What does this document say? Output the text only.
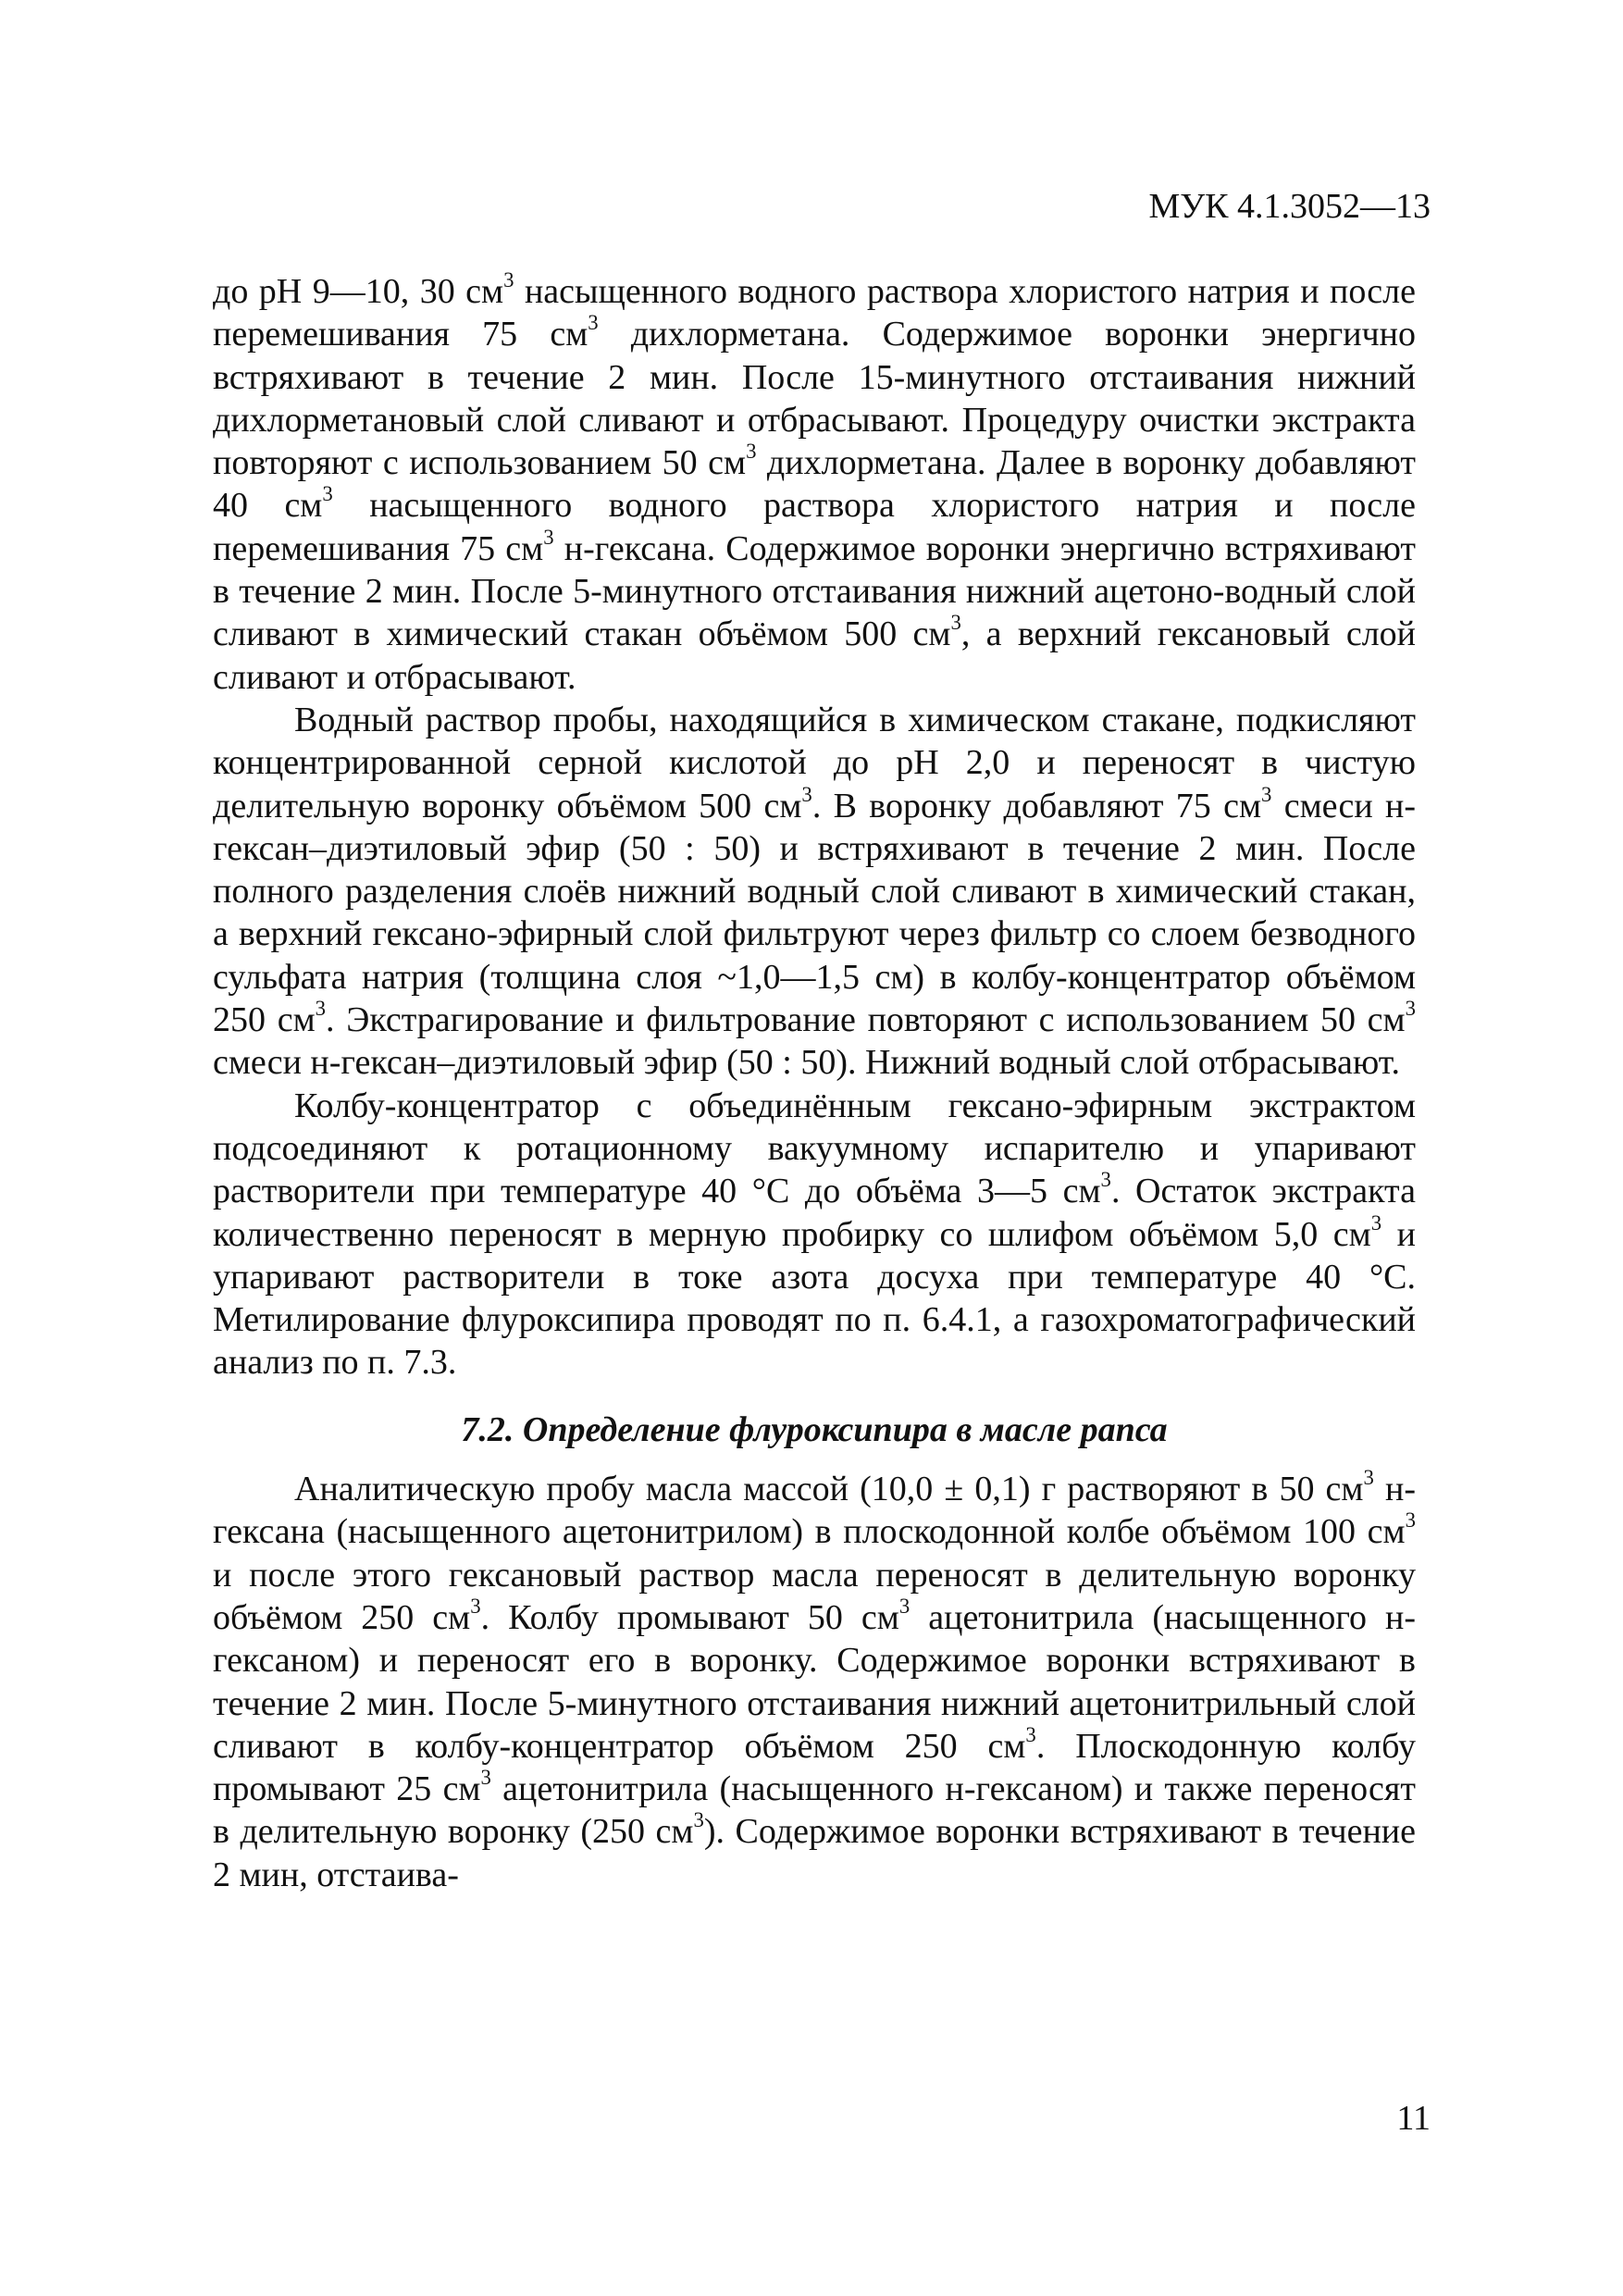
МУК 4.1.3052—13

до рН 9—10, 30 $см^3$ насыщенного водного раствора хлористого натрия и после перемешивания 75 $см^3$ дихлорметана. Содержимое воронки энергично встряхивают в течение 2 мин. После 15-минутного отстаивания нижний дихлорметановый слой сливают и отбрасывают. Процедуру очистки экстракта повторяют с использованием 50 $см^3$ дихлорметана. Далее в воронку добавляют 40 $см^3$ насыщенного водного раствора хлористого натрия и после перемешивания 75 $см^3$ н-гексана. Содержимое воронки энергично встряхивают в течение 2 мин. После 5-минутного отстаивания нижний ацетоно-водный слой сливают в химический стакан объёмом 500 $см^3$, а верхний гексановый слой сливают и отбрасывают.

Водный раствор пробы, находящийся в химическом стакане, подкисляют концентрированной серной кислотой до рН 2,0 и переносят в чистую делительную воронку объёмом 500 $см^3$. В воронку добавляют 75 $см^3$ смеси н-гексан–диэтиловый эфир (50 : 50) и встряхивают в течение 2 мин. После полного разделения слоёв нижний водный слой сливают в химический стакан, а верхний гексано-эфирный слой фильтруют через фильтр со слоем безводного сульфата натрия (толщина слоя ~1,0—1,5 см) в колбу-концентратор объёмом 250 $см^3$. Экстрагирование и фильтрование повторяют с использованием 50 $см^3$ смеси н-гексан–диэтиловый эфир (50 : 50). Нижний водный слой отбрасывают.

Колбу-концентратор с объединённым гексано-эфирным экстрактом подсоединяют к ротационному вакуумному испарителю и упаривают растворители при температуре 40 °С до объёма 3—5 $см^3$. Остаток экстракта количественно переносят в мерную пробирку со шлифом объёмом 5,0 $см^3$ и упаривают растворители в токе азота досуха при температуре 40 °С. Метилирование флуроксипира проводят по п. 6.4.1, а газохроматографический анализ по п. 7.3.

7.2. Определение флуроксипира в масле рапса

Аналитическую пробу масла массой (10,0 ± 0,1) г растворяют в 50 $см^3$ н-гексана (насыщенного ацетонитрилом) в плоскодонной колбе объёмом 100 $см^3$ и после этого гексановый раствор масла переносят в делительную воронку объёмом 250 $см^3$. Колбу промывают 50 $см^3$ ацетонитрила (насыщенного н-гексаном) и переносят его в воронку. Содержимое воронки встряхивают в течение 2 мин. После 5-минутного отстаивания нижний ацетонитрильный слой сливают в колбу-концентратор объёмом 250 $см^3$. Плоскодонную колбу промывают 25 $см^3$ ацетонитрила (насыщенного н-гексаном) и также переносят в делительную воронку (250 $см^3$). Содержимое воронки встряхивают в течение 2 мин, отстаива-

11
